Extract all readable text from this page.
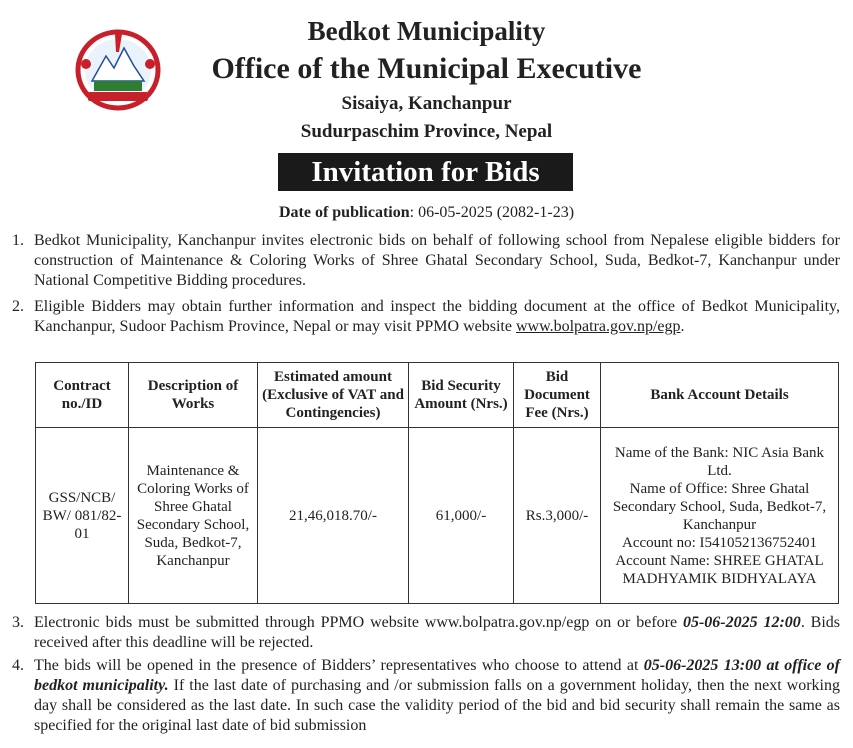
Bedkot Municipality
Office of the Municipal Executive
Sisaiya, Kanchanpur
Sudurpaschim Province, Nepal
Invitation for Bids
Date of publication: 06-05-2025 (2082-1-23)
1. Bedkot Municipality, Kanchanpur invites electronic bids on behalf of following school from Nepalese eligible bidders for construction of Maintenance & Coloring Works of Shree Ghatal Secondary School, Suda, Bedkot-7, Kanchanpur under National Competitive Bidding procedures.
2. Eligible Bidders may obtain further information and inspect the bidding document at the office of Bedkot Municipality, Kanchanpur, Sudoor Pachism Province, Nepal or may visit PPMO website www.bolpatra.gov.np/egp.
Contract no./ID	Description of Works	Estimated amount (Exclusive of VAT and Contingencies)	Bid Security Amount (Nrs.)	Bid Document Fee (Nrs.)	Bank Account Details
GSS/NCB/ BW/ 081/82-01	Maintenance & Coloring Works of Shree Ghatal Secondary School, Suda, Bedkot-7, Kanchanpur	21,46,018.70/-	61,000/-	Rs.3,000/-	Name of the Bank: NIC Asia Bank Ltd.
Name of Office: Shree Ghatal Secondary School, Suda, Bedkot-7, Kanchanpur
Account no: I541052136752401
Account Name: SHREE GHATAL MADHYAMIK BIDHYALAYA
3. Electronic bids must be submitted through PPMO website www.bolpatra.gov.np/egp on or before 05-06-2025 12:00. Bids received after this deadline will be rejected.
4. The bids will be opened in the presence of Bidders’ representatives who choose to attend at 05-06-2025 13:00 at office of bedkot municipality. If the last date of purchasing and /or submission falls on a government holiday, then the next working day shall be considered as the last date. In such case the validity period of the bid and bid security shall remain the same as specified for the original last date of bid submission
